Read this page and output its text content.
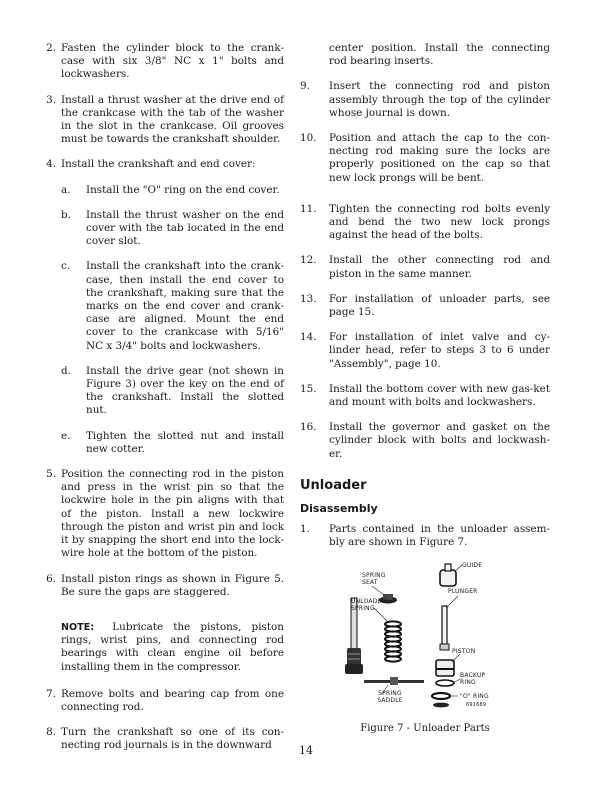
2. Fasten the cylinder block to the crank-case with six 3/8" NC x 1" bolts and lockwashers.
3. Install a thrust washer at the drive end of the crankcase with the tab of the washer in the slot in the crankcase. Oil grooves must be towards the crankshaft shoulder.
4. Install the crankshaft and end cover:
a. Install the "O" ring on the end cover.
b. Install the thrust washer on the end cover with the tab located in the end cover slot.
c. Install the crankshaft into the crank-case, then install the end cover to the crankshaft, making sure that the marks on the end cover and crank-case are aligned. Mount the end cover to the crankcase with 5/16" NC x 3/4" bolts and lockwashers.
d. Install the drive gear (not shown in Figure 3) over the key on the end of the crankshaft. Install the slotted nut.
e. Tighten the slotted nut and install new cotter.
5. Position the connecting rod in the piston and press in the wrist pin so that the lockwire hole in the pin aligns with that of the piston. Install a new lockwire through the piston and wrist pin and lock it by snapping the short end into the lock-wire hole at the bottom of the piston.
6. Install piston rings as shown in Figure 5. Be sure the gaps are staggered.
NOTE: Lubricate the pistons, piston rings, wrist pins, and connecting rod bearings with clean engine oil before installing them in the compressor.
7. Remove bolts and bearing cap from one connecting rod.
8. Turn the crankshaft so one of its con-necting rod journals is in the downward
center position. Install the connecting rod bearing inserts.
9.	Insert the connecting rod and piston assembly through the top of the cylinder whose journal is down.
10.	Position and attach the cap to the con-necting rod making sure the locks are properly positioned on the cap so that new lock prongs will be bent.
11.	Tighten the connecting rod bolts evenly and bend the two new lock prongs against the head of the bolts.
12.	Install the other connecting rod and piston in the same manner.
13.	For installation of unloader parts, see page 15.
14.	For installation of inlet valve and cy-linder head, refer to steps 3 to 6 under "Assembly", page 10.
15.	Install the bottom cover with new gas-ket and mount with bolts and lockwashers.
16.	Install the governor and gasket on the cylinder block with bolts and lockwash-er.
Unloader
Disassembly
1.	Parts contained in the unloader assem-bly are shown in Figure 7.
SPRING SEAT
GUIDE
PLUNGER
UNLOADER SPRING
PISTON
BACKUP RING
SPRING SADDLE
"O" RING
691689
Figure 7 - Unloader Parts
14
